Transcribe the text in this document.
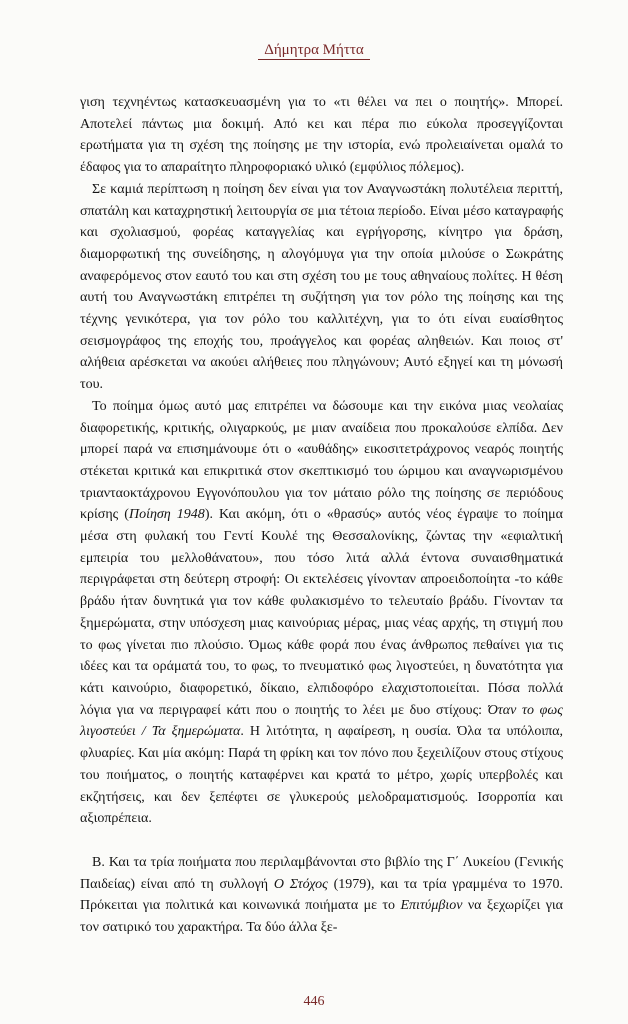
Δήμητρα Μήττα

γιση τεχνηέντως κατασκευασμένη για το «τι θέλει να πει ο ποιητής». Μπορεί. Αποτελεί πάντως μια δοκιμή. Από κει και πέρα πιο εύκολα προσεγγίζονται ερωτήματα για τη σχέση της ποίησης με την ιστορία, ενώ προλειαίνεται ομαλά το έδαφος για το απαραίτητο πληροφοριακό υλικό (εμφύλιος πόλεμος).

Σε καμιά περίπτωση η ποίηση δεν είναι για τον Αναγνωστάκη πολυτέλεια περιττή, σπατάλη και καταχρηστική λειτουργία σε μια τέτοια περίοδο. Είναι μέσο καταγραφής και σχολιασμού, φορέας καταγγελίας και εγρήγορσης, κίνητρο για δράση, διαμορφωτική της συνείδησης, η αλογόμυγα για την οποία μιλούσε ο Σωκράτης αναφερόμενος στον εαυτό του και στη σχέση του με τους αθηναίους πολίτες. Η θέση αυτή του Αναγνωστάκη επιτρέπει τη συζήτηση για τον ρόλο της ποίησης και της τέχνης γενικότερα, για τον ρόλο του καλλιτέχνη, για το ότι είναι ευαίσθητος σεισμογράφος της εποχής του, προάγγελος και φορέας αληθειών. Και ποιος στ' αλήθεια αρέσκεται να ακούει αλήθειες που πληγώνουν; Αυτό εξηγεί και τη μόνωσή του.

Το ποίημα όμως αυτό μας επιτρέπει να δώσουμε και την εικόνα μιας νεολαίας διαφορετικής, κριτικής, ολιγαρκούς, με μιαν αναίδεια που προκαλούσε ελπίδα. Δεν μπορεί παρά να επισημάνουμε ότι ο «αυθάδης» εικοσιτετράχρονος νεαρός ποιητής στέκεται κριτικά και επικριτικά στον σκεπτικισμό του ώριμου και αναγνωρισμένου τριανταοκτάχρονου Εγγονόπουλου για τον μάταιο ρόλο της ποίησης σε περιόδους κρίσης (Ποίηση 1948). Και ακόμη, ότι ο «θρασύς» αυτός νέος έγραψε το ποίημα μέσα στη φυλακή του Γεντί Κουλέ της Θεσσαλονίκης, ζώντας την «εφιαλτική εμπειρία του μελλοθάνατου», που τόσο λιτά αλλά έντονα συναισθηματικά περιγράφεται στη δεύτερη στροφή: Οι εκτελέσεις γίνονταν απροειδοποίητα -το κάθε βράδυ ήταν δυνητικά για τον κάθε φυλακισμένο το τελευταίο βράδυ. Γίνονταν τα ξημερώματα, στην υπόσχεση μιας καινούριας μέρας, μιας νέας αρχής, τη στιγμή που το φως γίνεται πιο πλούσιο. Όμως κάθε φορά που ένας άνθρωπος πεθαίνει για τις ιδέες και τα οράματά του, το φως, το πνευματικό φως λιγοστεύει, η δυνατότητα για κάτι καινούριο, διαφορετικό, δίκαιο, ελπιδοφόρο ελαχιστοποιείται. Πόσα πολλά λόγια για να περιγραφεί κάτι που ο ποιητής το λέει με δυο στίχους: Όταν το φως λιγοστεύει / Τα ξημερώματα. Η λιτότητα, η αφαίρεση, η ουσία. Όλα τα υπόλοιπα, φλυαρίες. Και μία ακόμη: Παρά τη φρίκη και τον πόνο που ξεχειλίζουν στους στίχους του ποιήματος, ο ποιητής καταφέρνει και κρατά το μέτρο, χωρίς υπερβολές και εκζητήσεις, και δεν ξεπέφτει σε γλυκερούς μελοδραματισμούς. Ισορροπία και αξιοπρέπεια.

Β. Και τα τρία ποιήματα που περιλαμβάνονται στο βιβλίο της Γ΄ Λυκείου (Γενικής Παιδείας) είναι από τη συλλογή Ο Στόχος (1979), και τα τρία γραμμένα το 1970. Πρόκειται για πολιτικά και κοινωνικά ποιήματα με το Επιτύμβιον να ξεχωρίζει για τον σατιρικό του χαρακτήρα. Τα δύο άλλα ξε-

446
